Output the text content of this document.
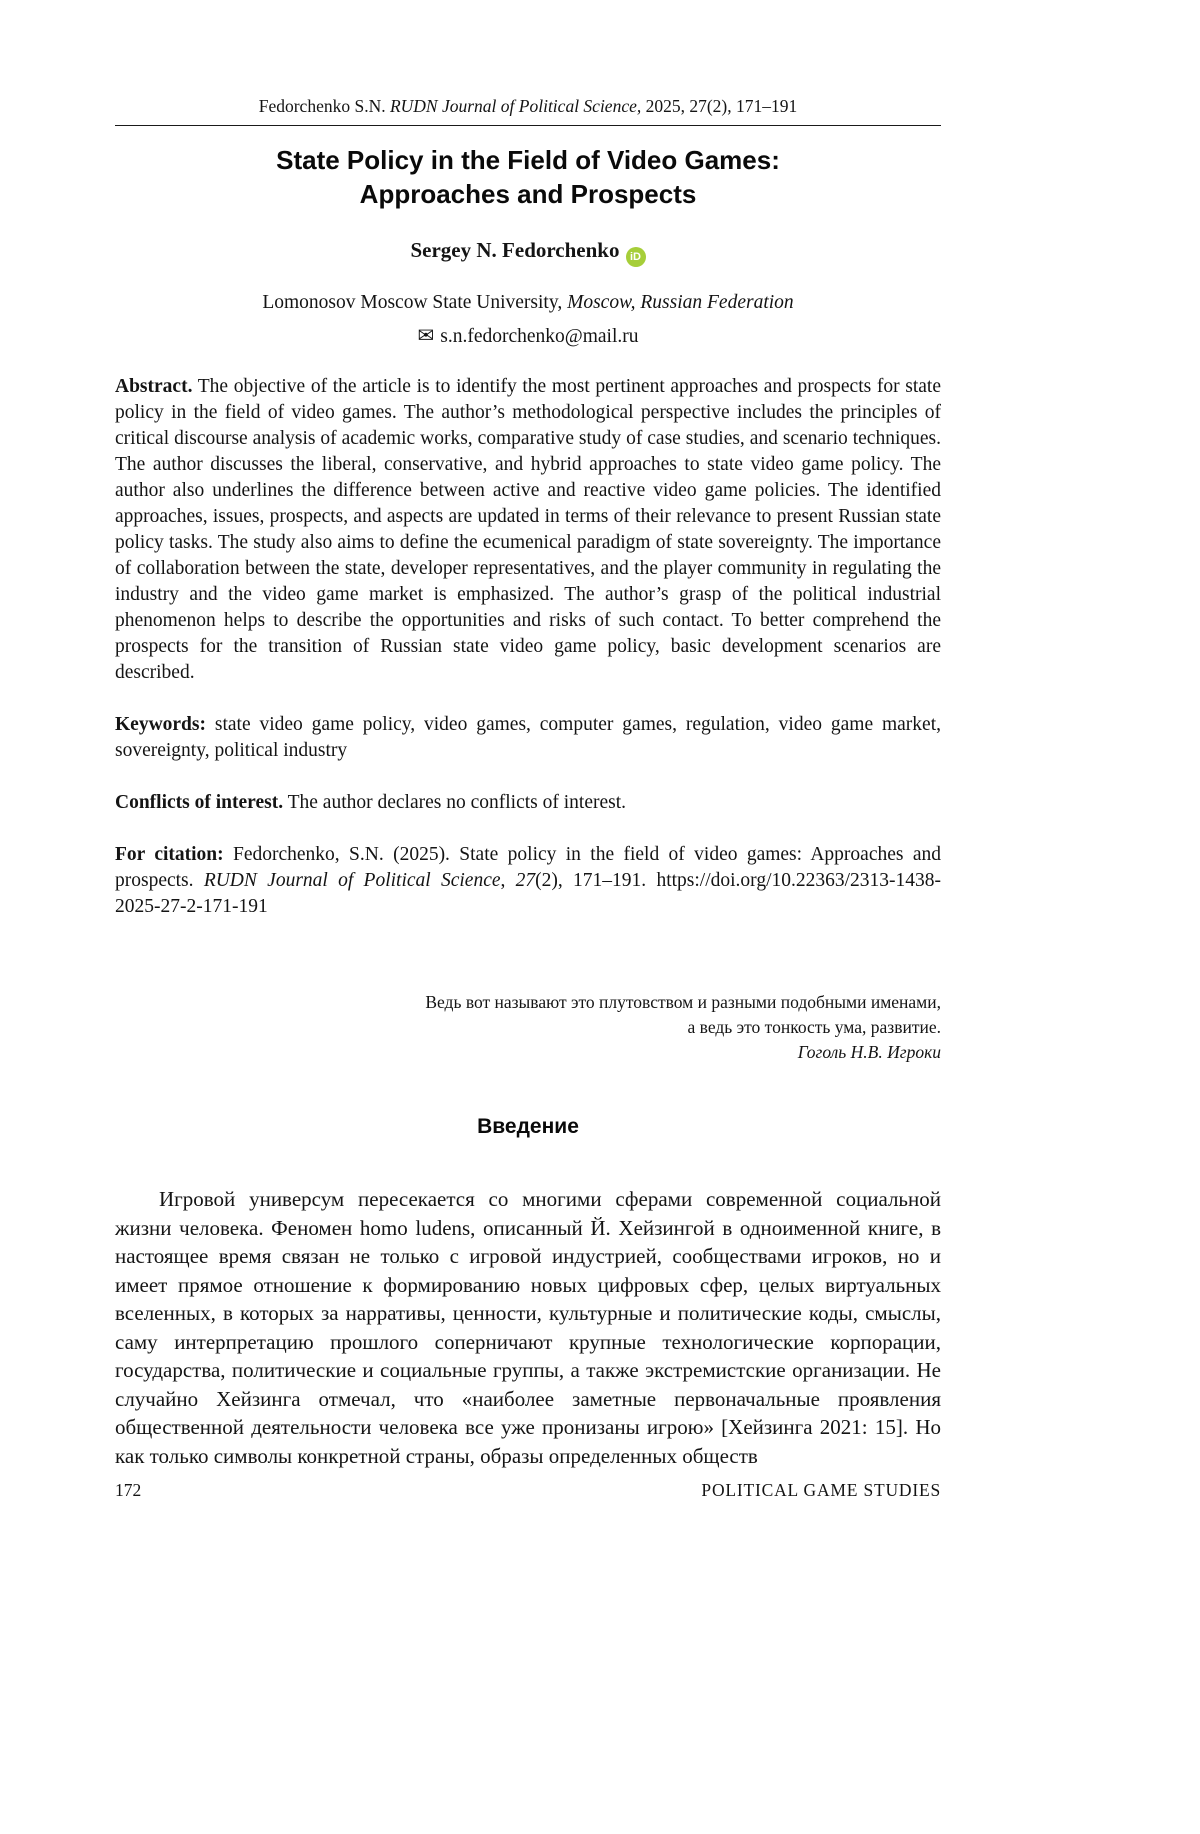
Fedorchenko S.N. RUDN Journal of Political Science, 2025, 27(2), 171–191
State Policy in the Field of Video Games:
Approaches and Prospects
Sergey N. Fedorchenko iD
Lomonosov Moscow State University, Moscow, Russian Federation
✉ s.n.fedorchenko@mail.ru

Abstract. The objective of the article is to identify the most pertinent approaches and prospects for state policy in the field of video games. The author’s methodological perspective includes the principles of critical discourse analysis of academic works, comparative study of case studies, and scenario techniques. The author discusses the liberal, conservative, and hybrid approaches to state video game policy. The author also underlines the difference between active and reactive video game policies. The identified approaches, issues, prospects, and aspects are updated in terms of their relevance to present Russian state policy tasks. The study also aims to define the ecumenical paradigm of state sovereignty. The importance of collaboration between the state, developer representatives, and the player community in regulating the industry and the video game market is emphasized. The author’s grasp of the political industrial phenomenon helps to describe the opportunities and risks of such contact. To better comprehend the prospects for the transition of Russian state video game policy, basic development scenarios are described.

Keywords: state video game policy, video games, computer games, regulation, video game market, sovereignty, political industry

Conflicts of interest. The author declares no conflicts of interest.

For citation: Fedorchenko, S.N. (2025). State policy in the field of video games: Approaches and prospects. RUDN Journal of Political Science, 27(2), 171–191. https://doi.org/10.22363/2313-1438-2025-27-2-171-191

Ведь вот называют это плутовством и разными подобными именами,
а ведь это тонкость ума, развитие.
Гоголь Н.В. Игроки
Введение

Игровой универсум пересекается со многими сферами современной социальной жизни человека. Феномен homo ludens, описанный Й. Хейзингой в одноименной книге, в настоящее время связан не только с игровой индустрией, сообществами игроков, но и имеет прямое отношение к формированию новых цифровых сфер, целых виртуальных вселенных, в которых за нарративы, ценности, культурные и политические коды, смыслы, саму интерпретацию прошлого соперничают крупные технологические корпорации, государства, политические и социальные группы, а также экстремистские организации. Не случайно Хейзинга отмечал, что «наиболее заметные первоначальные проявления общественной деятельности человека все уже пронизаны игрою» [Хейзинга 2021: 15]. Но как только символы конкретной страны, образы определенных обществ

172	POLITICAL GAME STUDIES
